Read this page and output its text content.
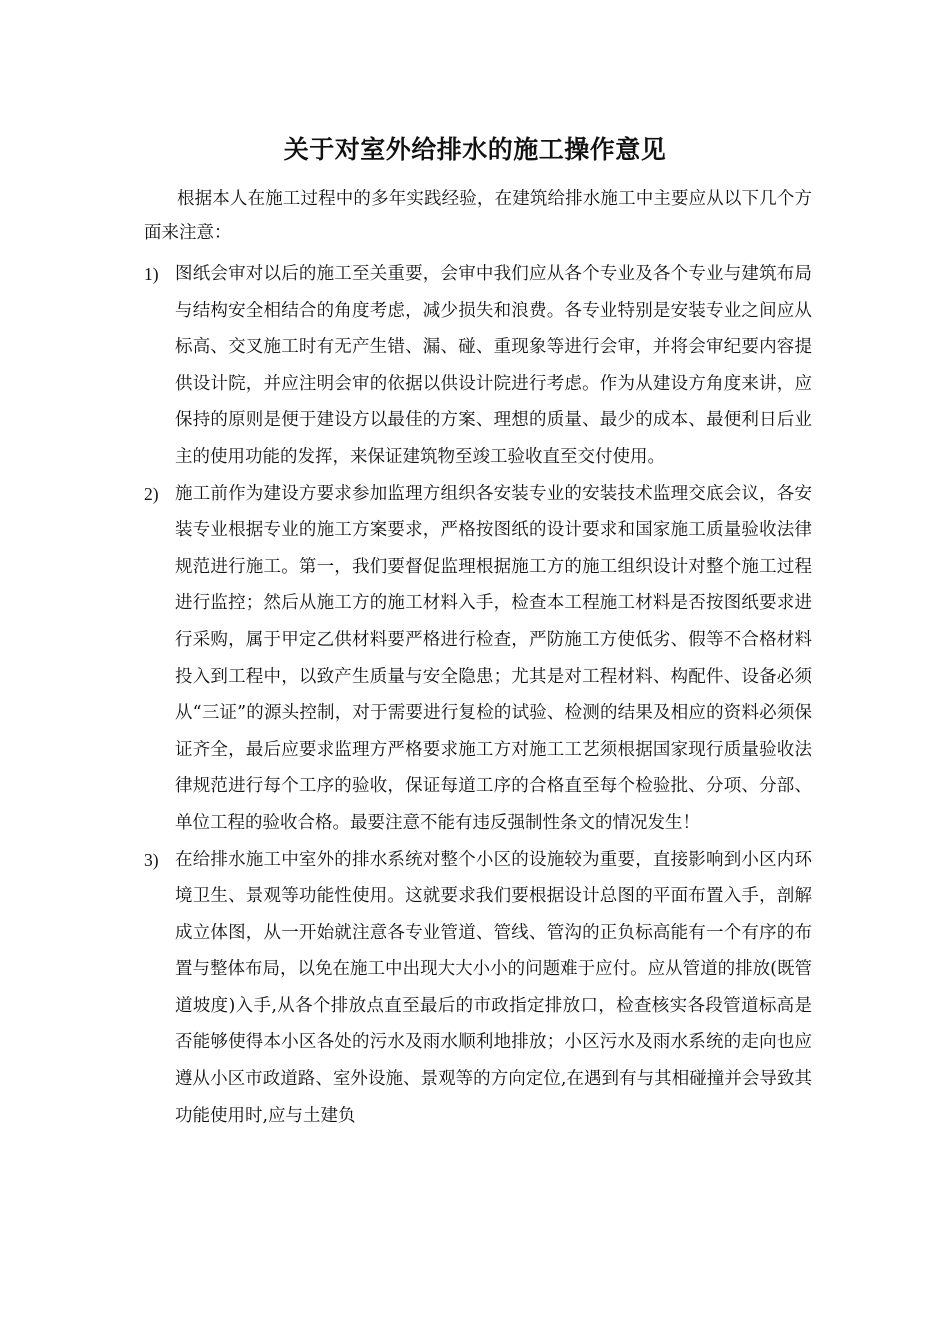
关于对室外给排水的施工操作意见

根据本人在施工过程中的多年实践经验，在建筑给排水施工中主要应从以下几个方面来注意：

1) 图纸会审对以后的施工至关重要，会审中我们应从各个专业及各个专业与建筑布局与结构安全相结合的角度考虑，减少损失和浪费。各专业特别是安装专业之间应从标高、交叉施工时有无产生错、漏、碰、重现象等进行会审，并将会审纪要内容提供设计院，并应注明会审的依据以供设计院进行考虑。作为从建设方角度来讲，应保持的原则是便于建设方以最佳的方案、理想的质量、最少的成本、最便利日后业主的使用功能的发挥，来保证建筑物至竣工验收直至交付使用。
2) 施工前作为建设方要求参加监理方组织各安装专业的安装技术监理交底会议，各安装专业根据专业的施工方案要求，严格按图纸的设计要求和国家施工质量验收法律规范进行施工。第一，我们要督促监理根据施工方的施工组织设计对整个施工过程进行监控；然后从施工方的施工材料入手，检查本工程施工材料是否按图纸要求进行采购，属于甲定乙供材料要严格进行检查，严防施工方使低劣、假等不合格材料投入到工程中，以致产生质量与安全隐患；尤其是对工程材料、构配件、设备必须从“三证”的源头控制，对于需要进行复检的试验、检测的结果及相应的资料必须保证齐全，最后应要求监理方严格要求施工方对施工工艺须根据国家现行质量验收法律规范进行每个工序的验收，保证每道工序的合格直至每个检验批、分项、分部、单位工程的验收合格。最要注意不能有违反强制性条文的情况发生！
3) 在给排水施工中室外的排水系统对整个小区的设施较为重要，直接影响到小区内环境卫生、景观等功能性使用。这就要求我们要根据设计总图的平面布置入手，剖解成立体图，从一开始就注意各专业管道、管线、管沟的正负标高能有一个有序的布置与整体布局，以免在施工中出现大大小小的问题难于应付。应从管道的排放(既管道坡度)入手,从各个排放点直至最后的市政指定排放口，检查核实各段管道标高是否能够使得本小区各处的污水及雨水顺利地排放；小区污水及雨水系统的走向也应遵从小区市政道路、室外设施、景观等的方向定位,在遇到有与其相碰撞并会导致其功能使用时,应与土建负
